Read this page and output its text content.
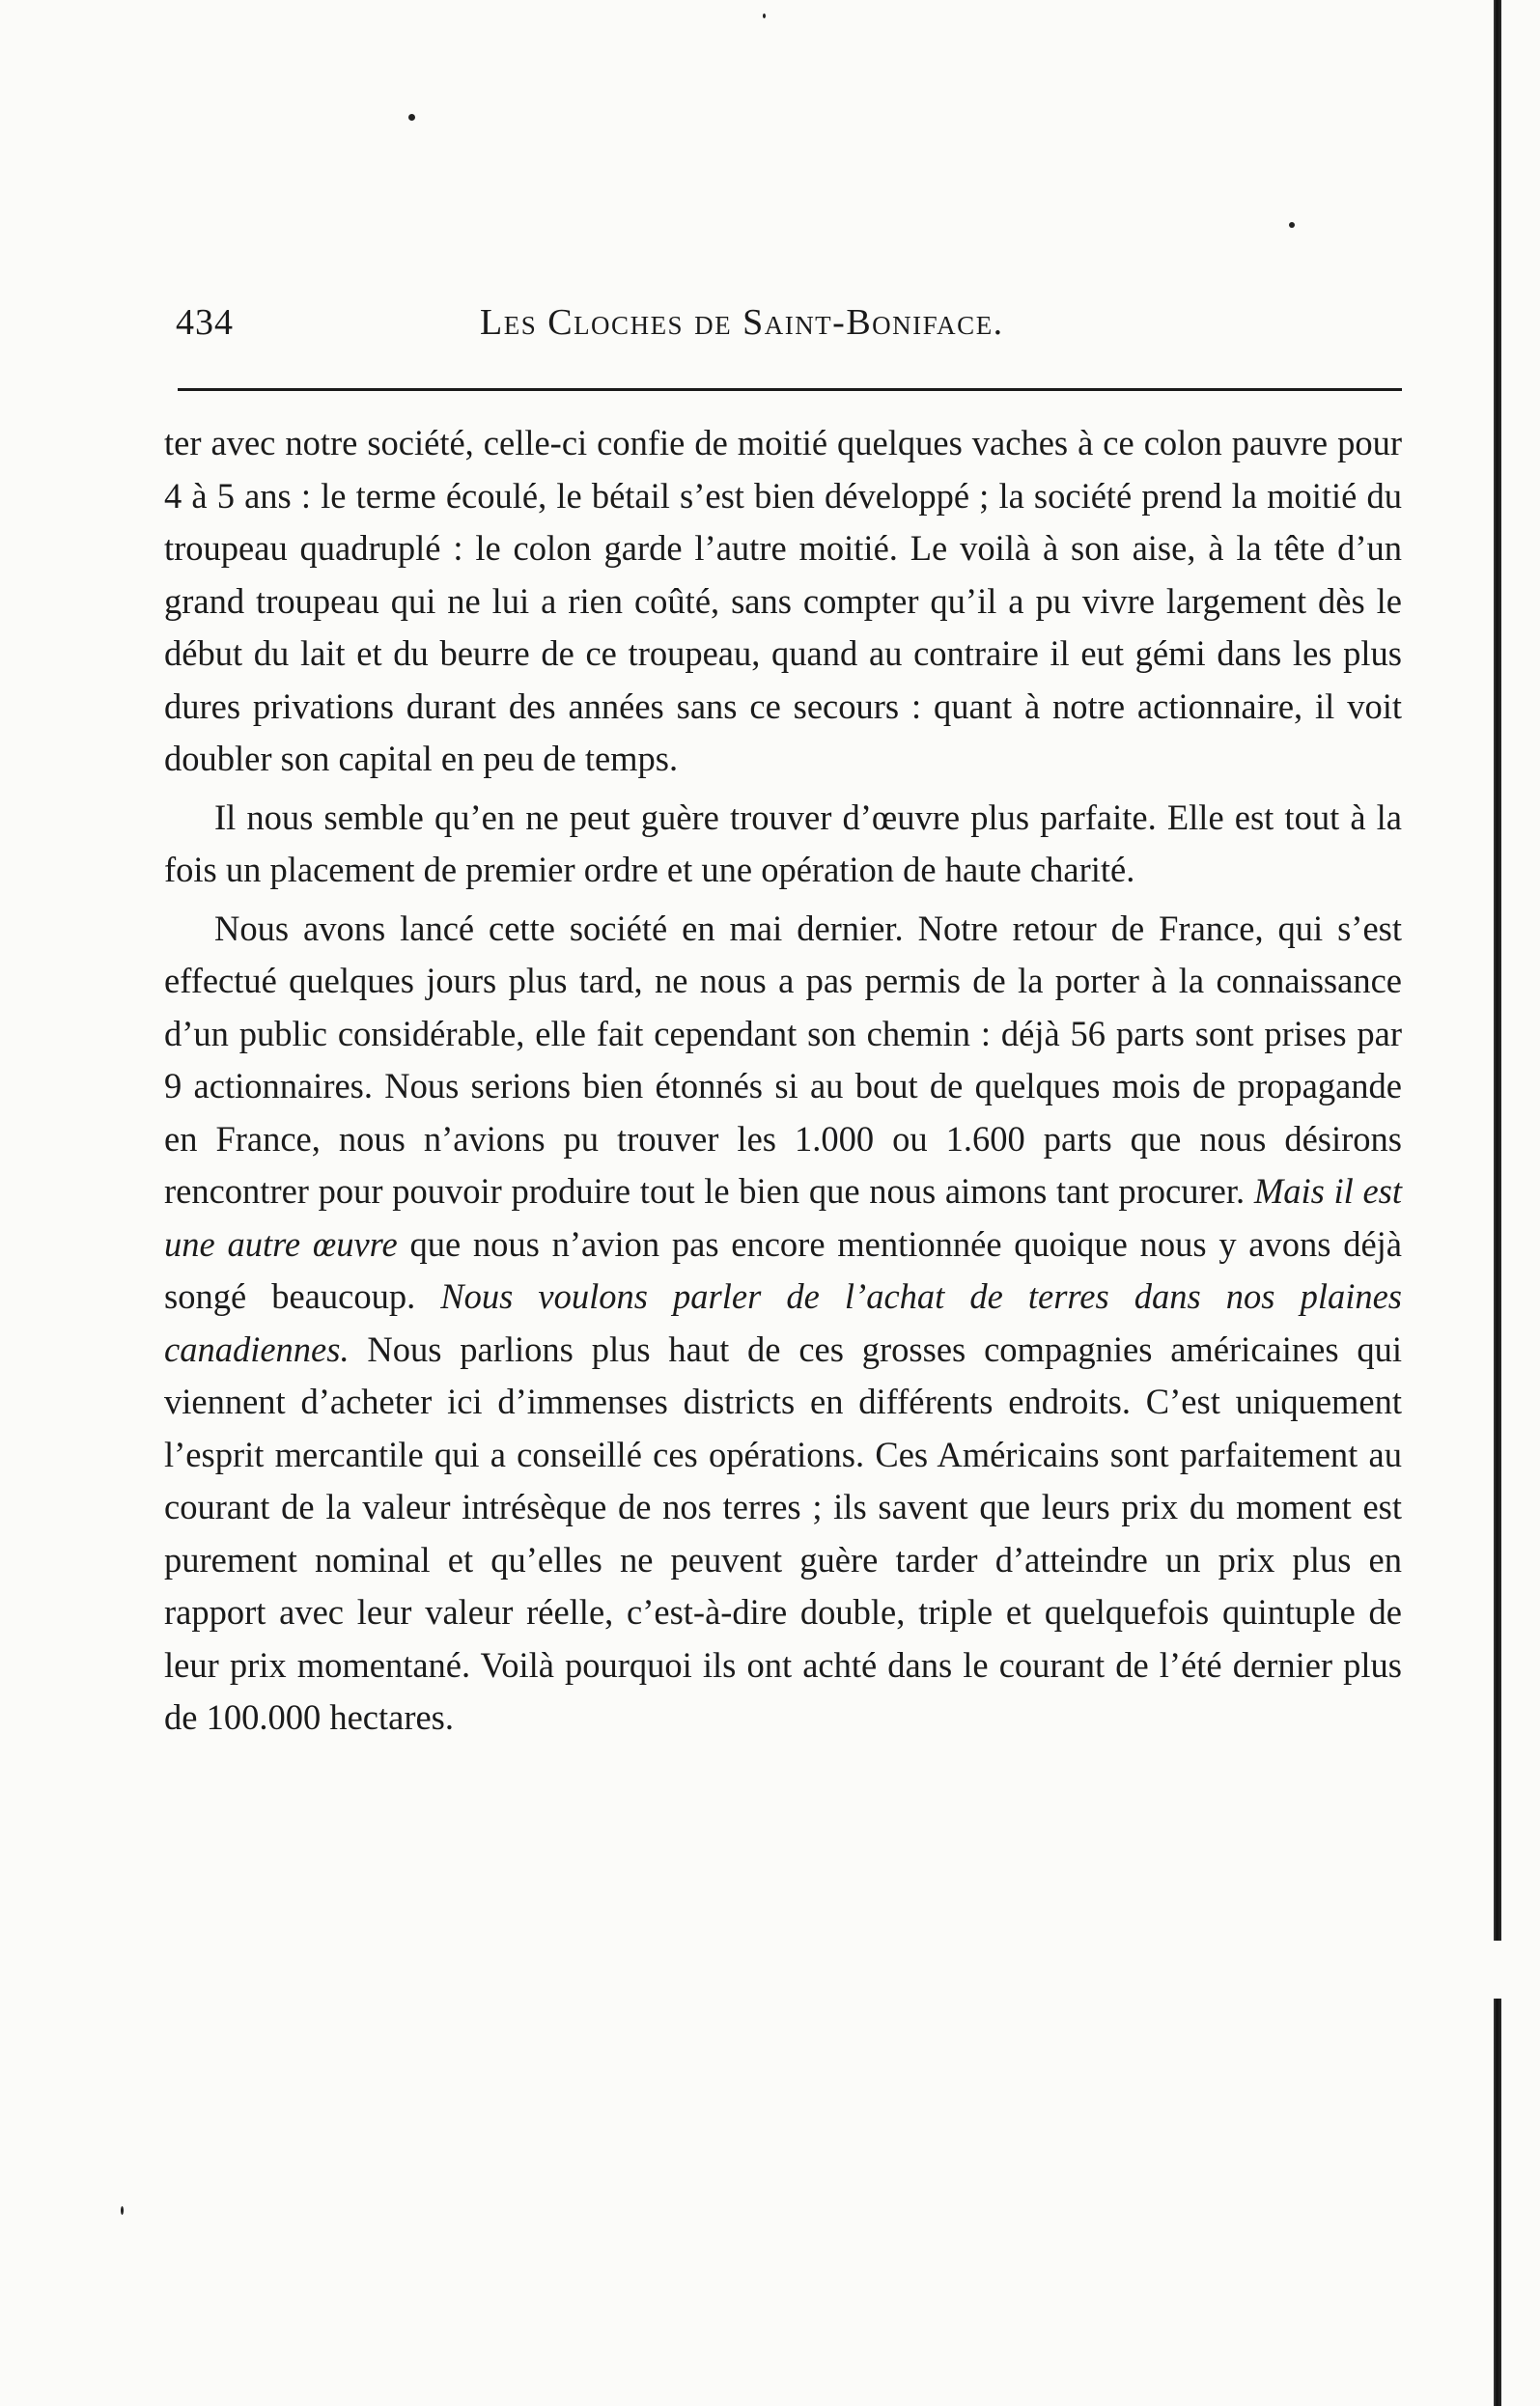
434	Les Cloches de Saint-Boniface.

ter avec notre société, celle-ci confie de moitié quelques vaches à ce colon pauvre pour 4 à 5 ans : le terme écoulé, le bétail s’est bien développé ; la société prend la moitié du troupeau quadruplé : le colon garde l’autre moitié. Le voilà à son aise, à la tête d’un grand troupeau qui ne lui a rien coûté, sans compter qu’il a pu vivre largement dès le début du lait et du beurre de ce troupeau, quand au contraire il eut gémi dans les plus dures privations durant des années sans ce secours : quant à notre actionnaire, il voit doubler son capital en peu de temps.

Il nous semble qu’en ne peut guère trouver d’œuvre plus parfaite. Elle est tout à la fois un placement de premier ordre et une opération de haute charité.

Nous avons lancé cette société en mai dernier. Notre retour de France, qui s’est effectué quelques jours plus tard, ne nous a pas permis de la porter à la connaissance d’un public considérable, elle fait cependant son chemin : déjà 56 parts sont prises par 9 actionnaires. Nous serions bien étonnés si au bout de quelques mois de propagande en France, nous n’avions pu trouver les 1.000 ou 1.600 parts que nous désirons rencontrer pour pouvoir produire tout le bien que nous aimons tant procurer. Mais il est une autre œuvre que nous n’avion pas encore mentionnée quoique nous y avons déjà songé beaucoup. Nous voulons parler de l’achat de terres dans nos plaines canadiennes. Nous parlions plus haut de ces grosses compagnies américaines qui viennent d’acheter ici d’immenses districts en différents endroits. C’est uniquement l’esprit mercantile qui a conseillé ces opérations. Ces Américains sont parfaitement au courant de la valeur intrésèque de nos terres ; ils savent que leurs prix du moment est purement nominal et qu’elles ne peuvent guère tarder d’atteindre un prix plus en rapport avec leur valeur réelle, c’est-à-dire double, triple et quelquefois quintuple de leur prix momentané. Voilà pourquoi ils ont achté dans le courant de l’été dernier plus de 100.000 hectares.
